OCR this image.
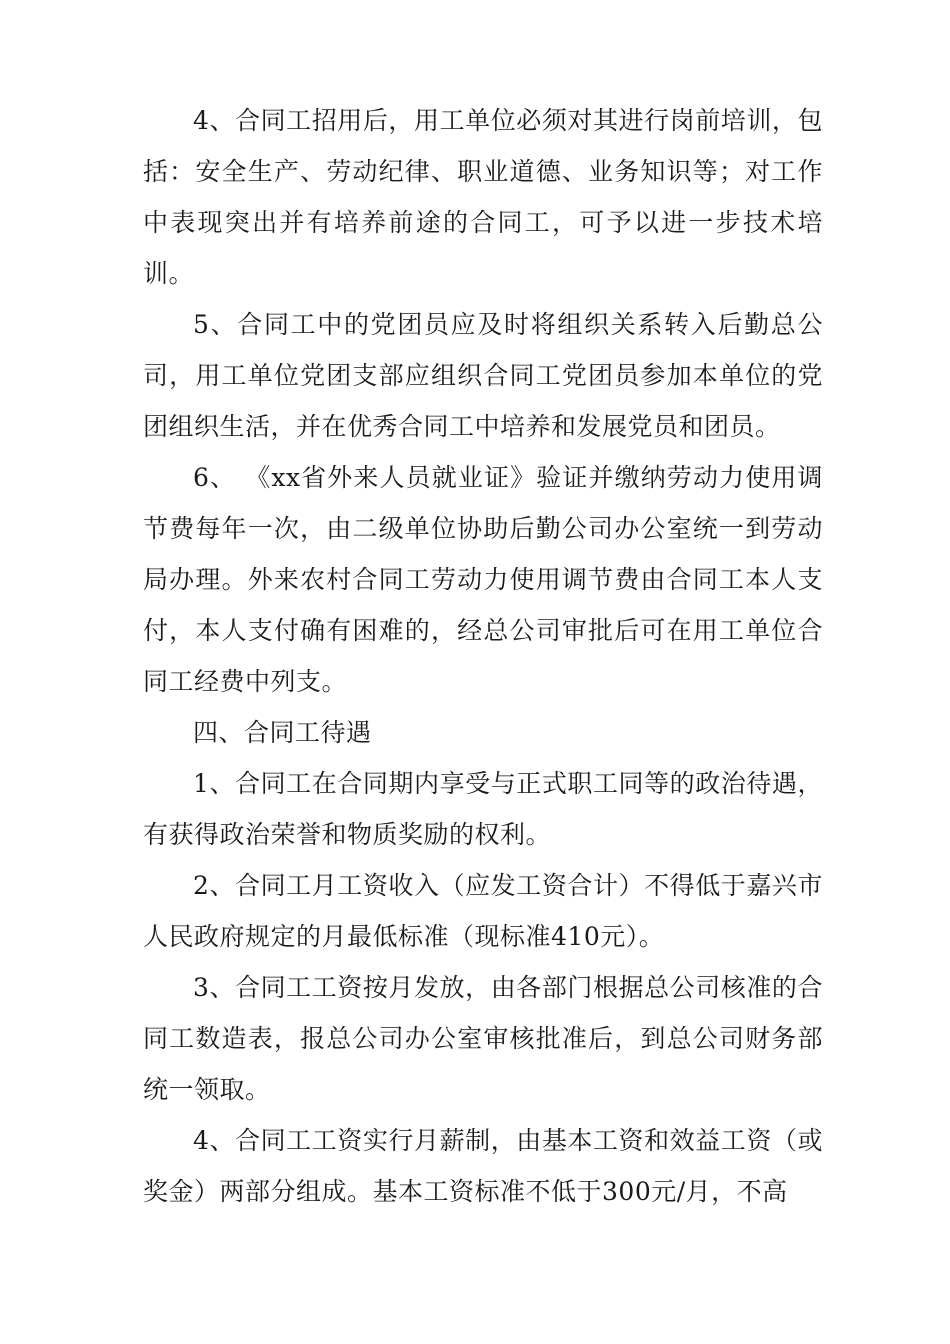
4、合同工招用后，用工单位必须对其进行岗前培训，包括：安全生产、劳动纪律、职业道德、业务知识等；对工作中表现突出并有培养前途的合同工，可予以进一步技术培训。

5、合同工中的党团员应及时将组织关系转入后勤总公司，用工单位党团支部应组织合同工党团员参加本单位的党团组织生活，并在优秀合同工中培养和发展党员和团员。

6、 《xx省外来人员就业证》验证并缴纳劳动力使用调节费每年一次，由二级单位协助后勤公司办公室统一到劳动局办理。外来农村合同工劳动力使用调节费由合同工本人支付，本人支付确有困难的，经总公司审批后可在用工单位合同工经费中列支。

四、合同工待遇

1、合同工在合同期内享受与正式职工同等的政治待遇，有获得政治荣誉和物质奖励的权利。

2、合同工月工资收入（应发工资合计）不得低于嘉兴市人民政府规定的月最低标准（现标准410元）。

3、合同工工资按月发放，由各部门根据总公司核准的合同工数造表，报总公司办公室审核批准后，到总公司财务部统一领取。

4、合同工工资实行月薪制，由基本工资和效益工资（或奖金）两部分组成。基本工资标准不低于300元/月，不高
